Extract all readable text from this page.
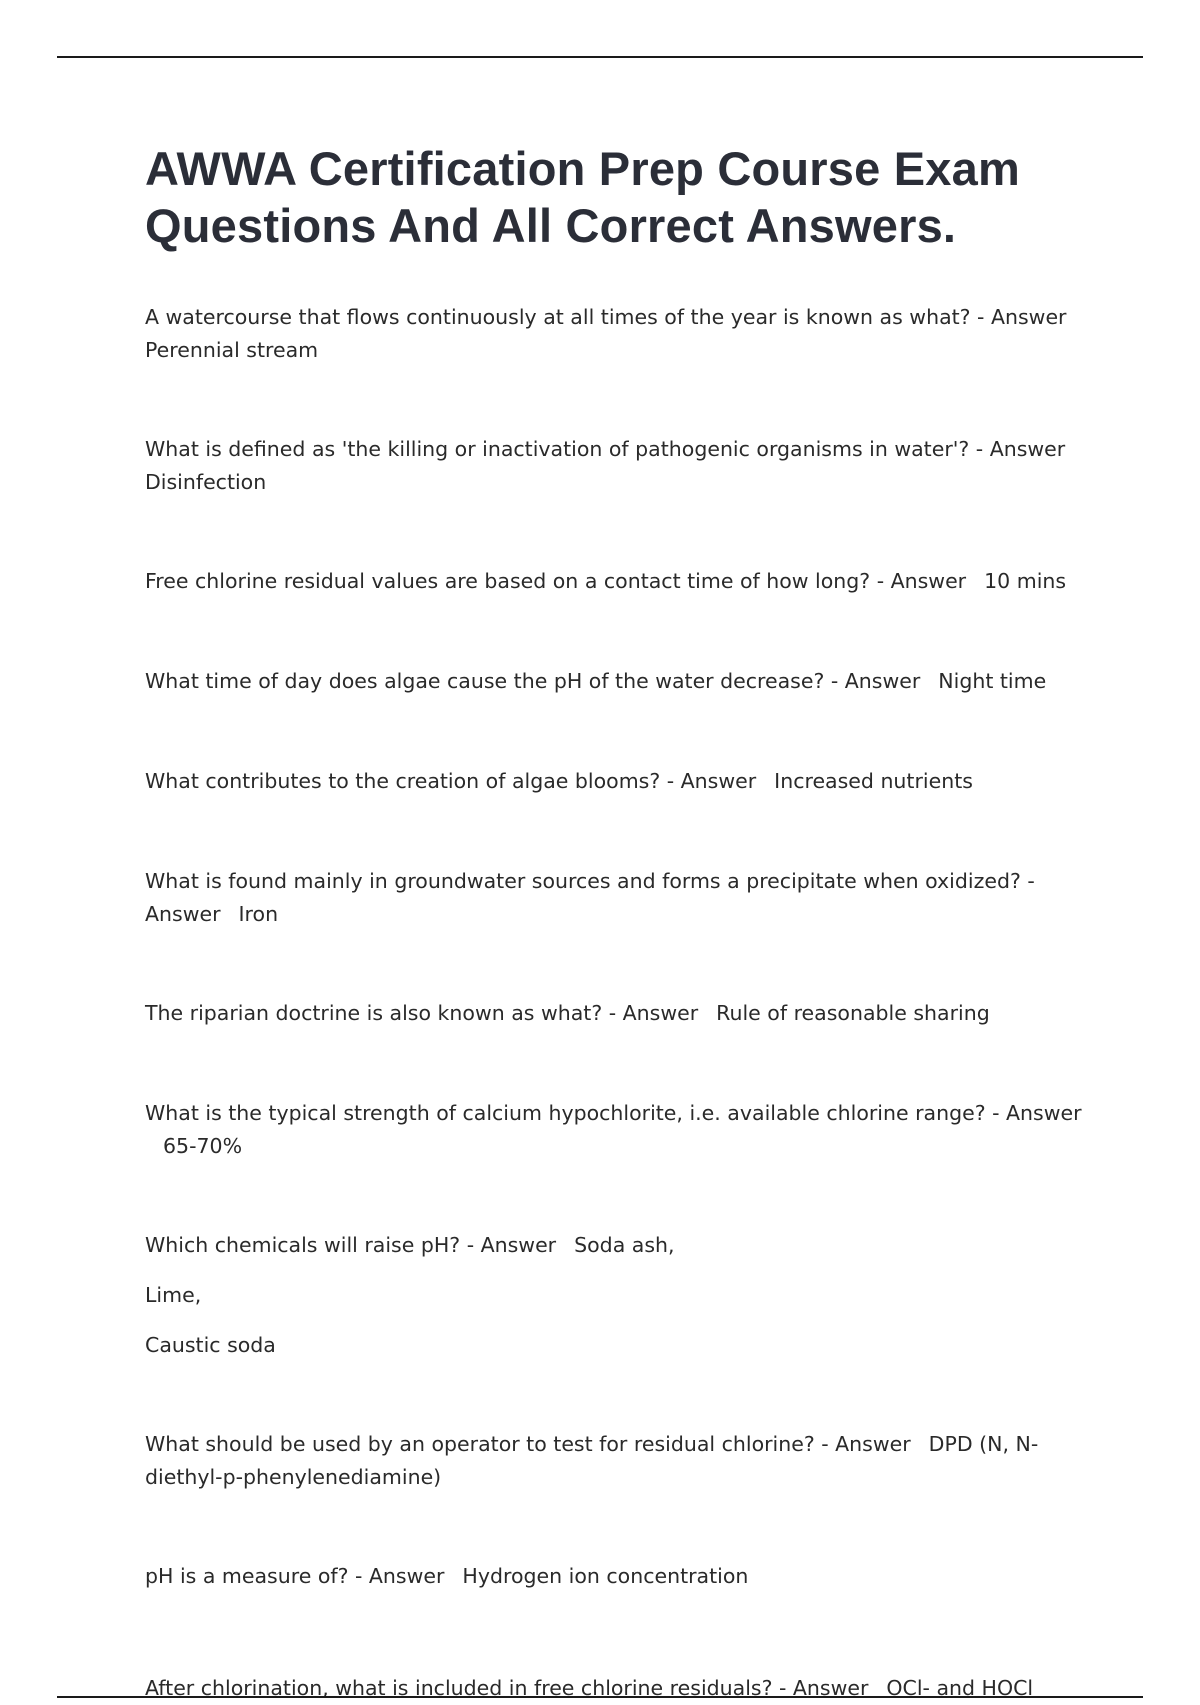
AWWA Certification Prep Course Exam Questions And All Correct Answers.

A watercourse that flows continuously at all times of the year is known as what? - AnswerPerennial stream

What is defined as 'the killing or inactivation of pathogenic organisms in water'? - AnswerDisinfection

Free chlorine residual values are based on a contact time of how long? - Answer 10 mins

What time of day does algae cause the pH of the water decrease? - Answer Night time

What contributes to the creation of algae blooms? - Answer Increased nutrients

What is found mainly in groundwater sources and forms a precipitate when oxidized? - Answer Iron

The riparian doctrine is also known as what? - Answer Rule of reasonable sharing

What is the typical strength of calcium hypochlorite, i.e. available chlorine range? - Answer65-70%

Which chemicals will raise pH? - Answer Soda ash,
Lime,
Caustic soda

What should be used by an operator to test for residual chlorine? - Answer DPD (N, N-diethyl-p-phenylenediamine)

pH is a measure of? - Answer Hydrogen ion concentration

After chlorination, what is included in free chlorine residuals? - Answer OCl- and HOCl
